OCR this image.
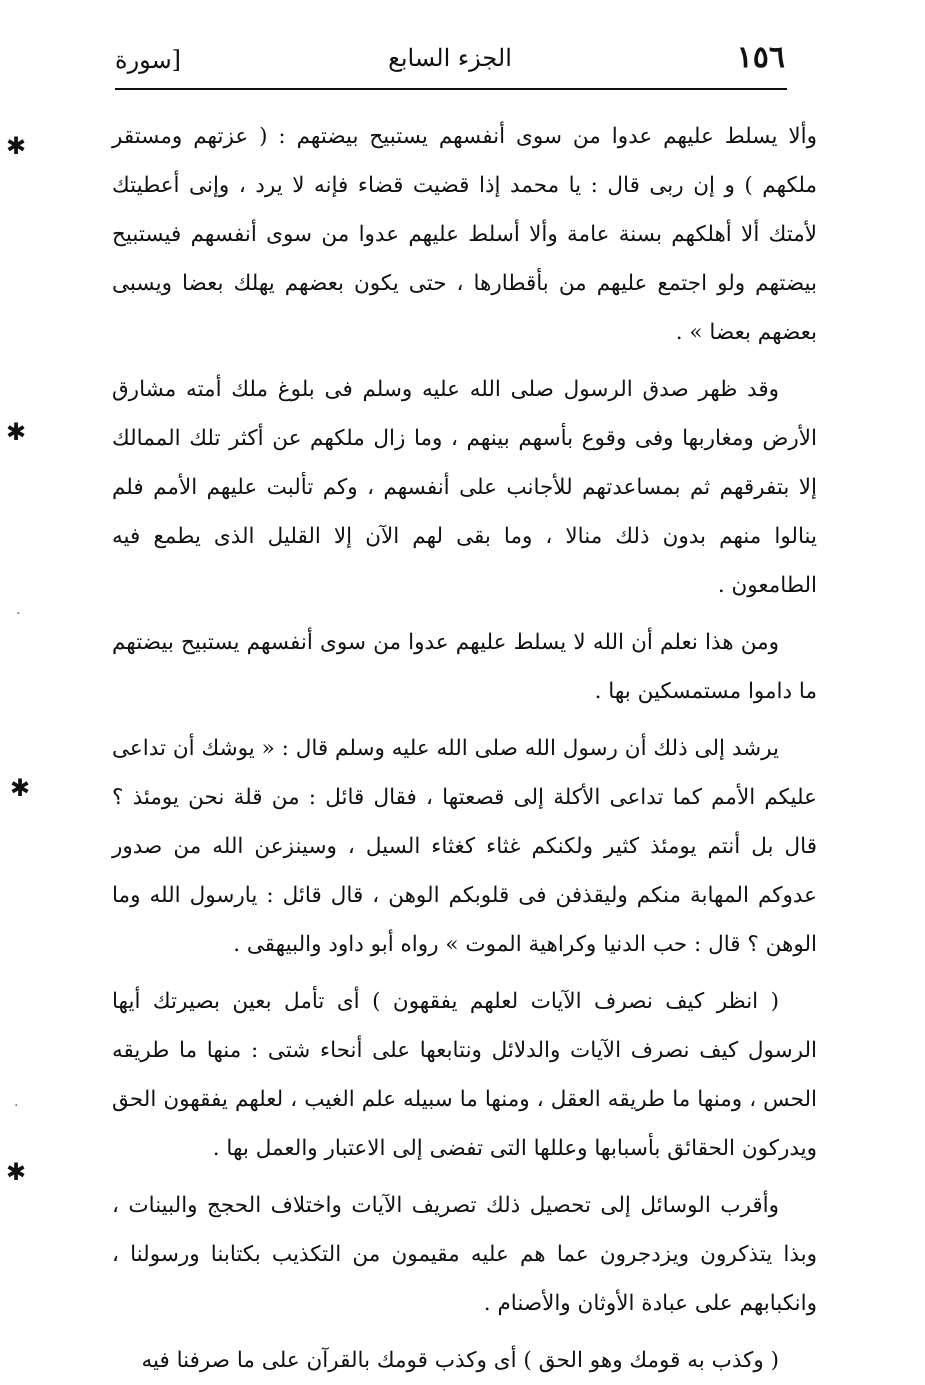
١٥٦
الجزء السابع
[سورة

وألا يسلط عليهم عدوا من سوى أنفسهم يستبيح بيضتهم : ( عزتهم ومستقر ملكهم ) و إن ربى قال : يا محمد إذا قضيت قضاء فإنه لا يرد ، وإنى أعطيتك لأمتك ألا أهلكهم بسنة عامة وألا أسلط عليهم عدوا من سوى أنفسهم فيستبيح بيضتهم ولو اجتمع عليهم من بأقطارها ، حتى يكون بعضهم يهلك بعضا ويسبى بعضهم بعضا » .

وقد ظهر صدق الرسول صلى الله عليه وسلم فى بلوغ ملك أمته مشارق الأرض ومغاربها وفى وقوع بأسهم بينهم ، وما زال ملكهم عن أكثر تلك الممالك إلا بتفرقهم ثم بمساعدتهم للأجانب على أنفسهم ، وكم تألبت عليهم الأمم فلم ينالوا منهم بدون ذلك منالا ، وما بقى لهم الآن إلا القليل الذى يطمع فيه الطامعون .

ومن هذا نعلم أن الله لا يسلط عليهم عدوا من سوى أنفسهم يستبيح بيضتهم ما داموا مستمسكين بها .

يرشد إلى ذلك أن رسول الله صلى الله عليه وسلم قال : « يوشك أن تداعى عليكم الأمم كما تداعى الأكلة إلى قصعتها ، فقال قائل : من قلة نحن يومئذ ؟ قال بل أنتم يومئذ كثير ولكنكم غثاء كغثاء السيل ، وسينزعن الله من صدور عدوكم المهابة منكم وليقذفن فى قلوبكم الوهن ، قال قائل : يارسول الله وما الوهن ؟ قال : حب الدنيا وكراهية الموت » رواه أبو داود والبيهقى .

( انظر كيف نصرف الآيات لعلهم يفقهون ) أى تأمل بعين بصيرتك أيها الرسول كيف نصرف الآيات والدلائل ونتابعها على أنحاء شتى : منها ما طريقه الحس ، ومنها ما طريقه العقل ، ومنها ما سبيله علم الغيب ، لعلهم يفقهون الحق ويدركون الحقائق بأسبابها وعللها التى تفضى إلى الاعتبار والعمل بها .

وأقرب الوسائل إلى تحصيل ذلك تصريف الآيات واختلاف الحجج والبينات ، وبذا يتذكرون ويزدجرون عما هم عليه مقيمون من التكذيب بكتابنا ورسولنا ، وانكبابهم على عبادة الأوثان والأصنام .

( وكذب به قومك وهو الحق ) أى وكذب قومك بالقرآن على ما صرفنا فيه

✱
✱
✱
✱
·
·
